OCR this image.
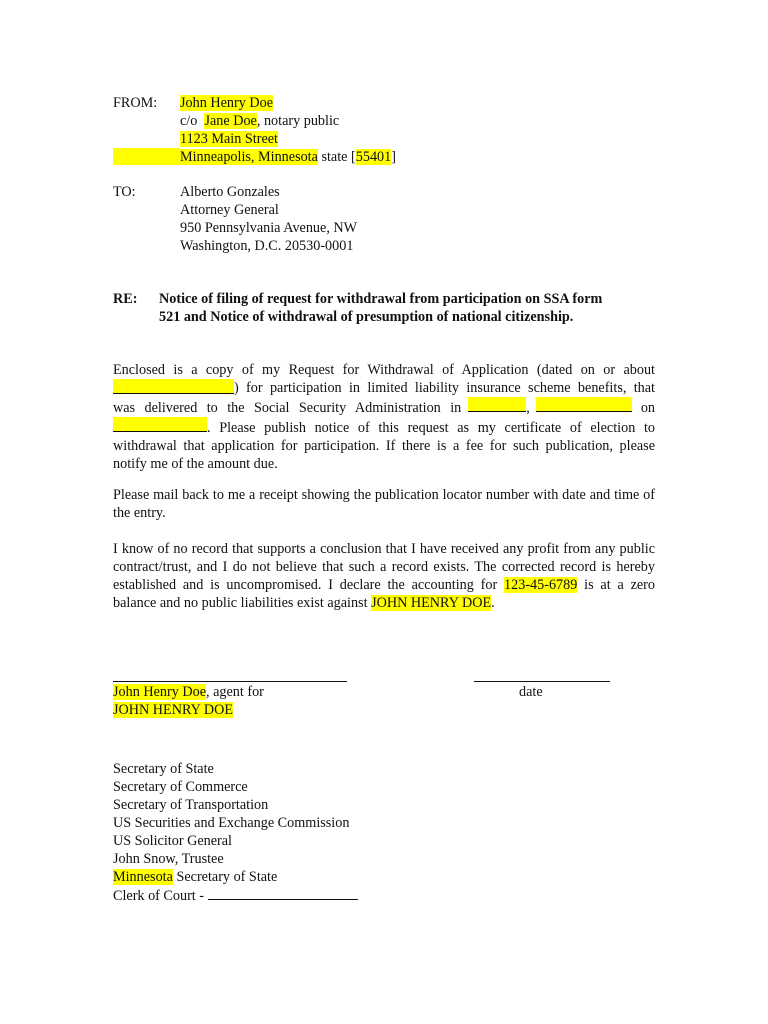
FROM: John Henry Doe
c/o Jane Doe, notary public
1123 Main Street
Minneapolis, Minnesota state [55401]
TO:	Alberto Gonzales
Attorney General
950 Pennsylvania Avenue, NW
Washington, D.C. 20530-0001
RE: Notice of filing of request for withdrawal from participation on SSA form
521 and Notice of withdrawal of presumption of national citizenship.
Enclosed is a copy of my Request for Withdrawal of Application (dated on or about
) for participation in limited liability insurance scheme benefits, that
was delivered to the Social Security Administration in	,	on
. Please publish notice of this request as my certificate of election to
withdrawal that application for participation. If there is a fee for such publication, please
notify me of the amount due.
Please mail back to me a receipt showing the publication locator number with date and time of the entry.
I know of no record that supports a conclusion that I have received any profit from any public contract/trust, and I do not believe that such a record exists. The corrected record is hereby established and is uncompromised. I declare the accounting for 123-45-6789 is at a zero balance and no public liabilities exist against JOHN HENRY DOE.
John Henry Doe, agent for
JOHN HENRY DOE
date
Secretary of State
Secretary of Commerce
Secretary of Transportation
US Securities and Exchange Commission
US Solicitor General
John Snow, Trustee
Minnesota Secretary of State
Clerk of Court -
